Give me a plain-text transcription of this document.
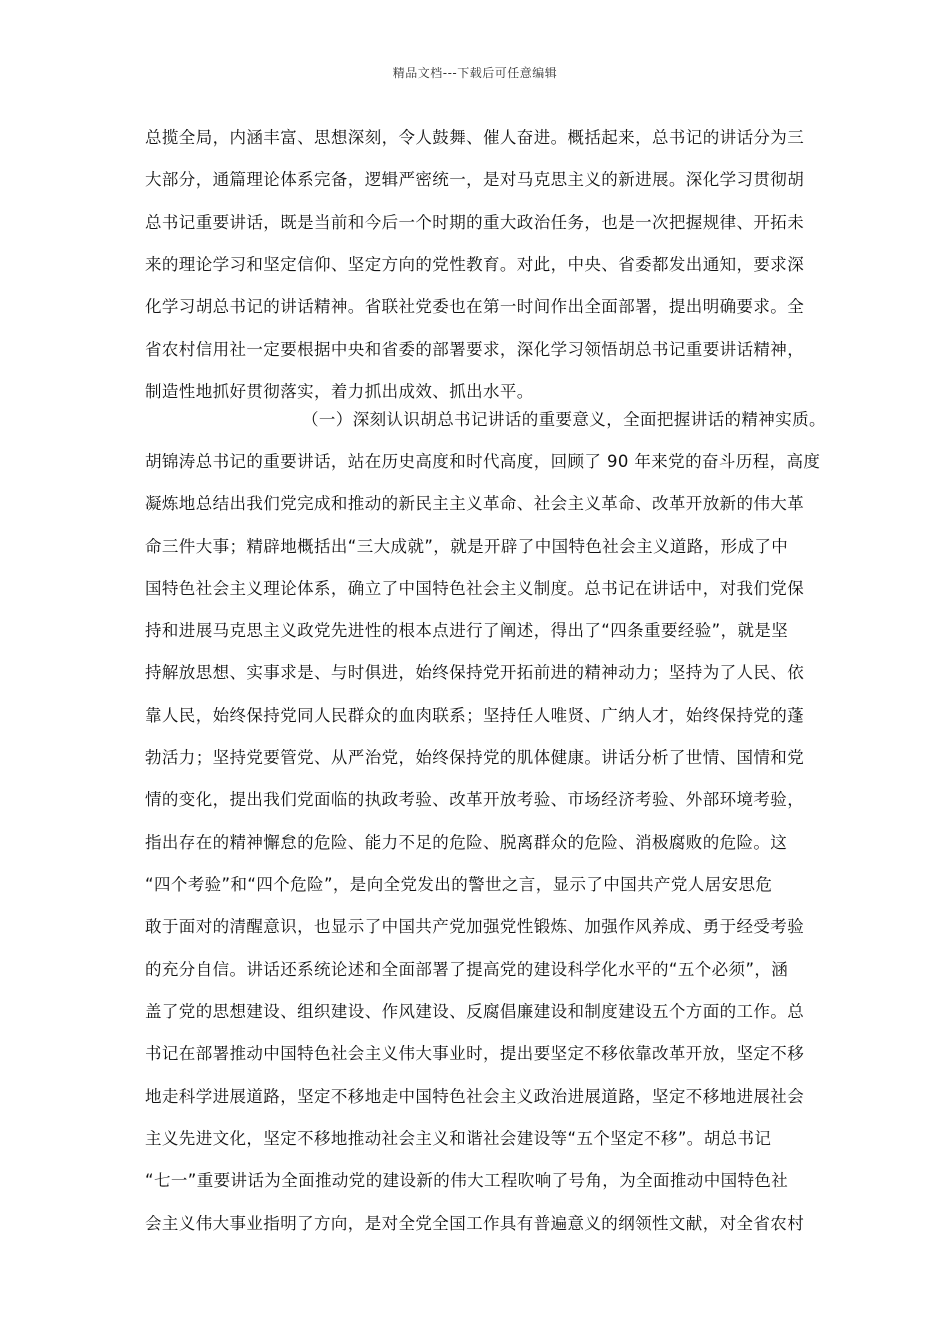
精品文档---下载后可任意编辑
总揽全局，内涵丰富、思想深刻，令人鼓舞、催人奋进。概括起来，总书记的讲话分为三
大部分，通篇理论体系完备，逻辑严密统一，是对马克思主义的新进展。深化学习贯彻胡
总书记重要讲话，既是当前和今后一个时期的重大政治任务，也是一次把握规律、开拓未
来的理论学习和坚定信仰、坚定方向的党性教育。对此，中央、省委都发出通知，要求深
化学习胡总书记的讲话精神。省联社党委也在第一时间作出全面部署，提出明确要求。全
省农村信用社一定要根据中央和省委的部署要求，深化学习领悟胡总书记重要讲话精神，
制造性地抓好贯彻落实，着力抓出成效、抓出水平。
（一）深刻认识胡总书记讲话的重要意义，全面把握讲话的精神实质。
胡锦涛总书记的重要讲话，站在历史高度和时代高度，回顾了 90 年来党的奋斗历程，高度
凝炼地总结出我们党完成和推动的新民主主义革命、社会主义革命、改革开放新的伟大革
命三件大事；精辟地概括出“三大成就”，就是开辟了中国特色社会主义道路，形成了中
国特色社会主义理论体系，确立了中国特色社会主义制度。总书记在讲话中，对我们党保
持和进展马克思主义政党先进性的根本点进行了阐述，得出了“四条重要经验”，就是坚
持解放思想、实事求是、与时俱进，始终保持党开拓前进的精神动力；坚持为了人民、依
靠人民，始终保持党同人民群众的血肉联系；坚持任人唯贤、广纳人才，始终保持党的蓬
勃活力；坚持党要管党、从严治党，始终保持党的肌体健康。讲话分析了世情、国情和党
情的变化，提出我们党面临的执政考验、改革开放考验、市场经济考验、外部环境考验，
指出存在的精神懈怠的危险、能力不足的危险、脱离群众的危险、消极腐败的危险。这
“四个考验”和“四个危险”，是向全党发出的警世之言，显示了中国共产党人居安思危
敢于面对的清醒意识，也显示了中国共产党加强党性锻炼、加强作风养成、勇于经受考验
的充分自信。讲话还系统论述和全面部署了提高党的建设科学化水平的“五个必须”，涵
盖了党的思想建设、组织建设、作风建设、反腐倡廉建设和制度建设五个方面的工作。总
书记在部署推动中国特色社会主义伟大事业时，提出要坚定不移依靠改革开放，坚定不移
地走科学进展道路，坚定不移地走中国特色社会主义政治进展道路，坚定不移地进展社会
主义先进文化，坚定不移地推动社会主义和谐社会建设等“五个坚定不移”。胡总书记
“七一”重要讲话为全面推动党的建设新的伟大工程吹响了号角，为全面推动中国特色社
会主义伟大事业指明了方向，是对全党全国工作具有普遍意义的纲领性文献，对全省农村
